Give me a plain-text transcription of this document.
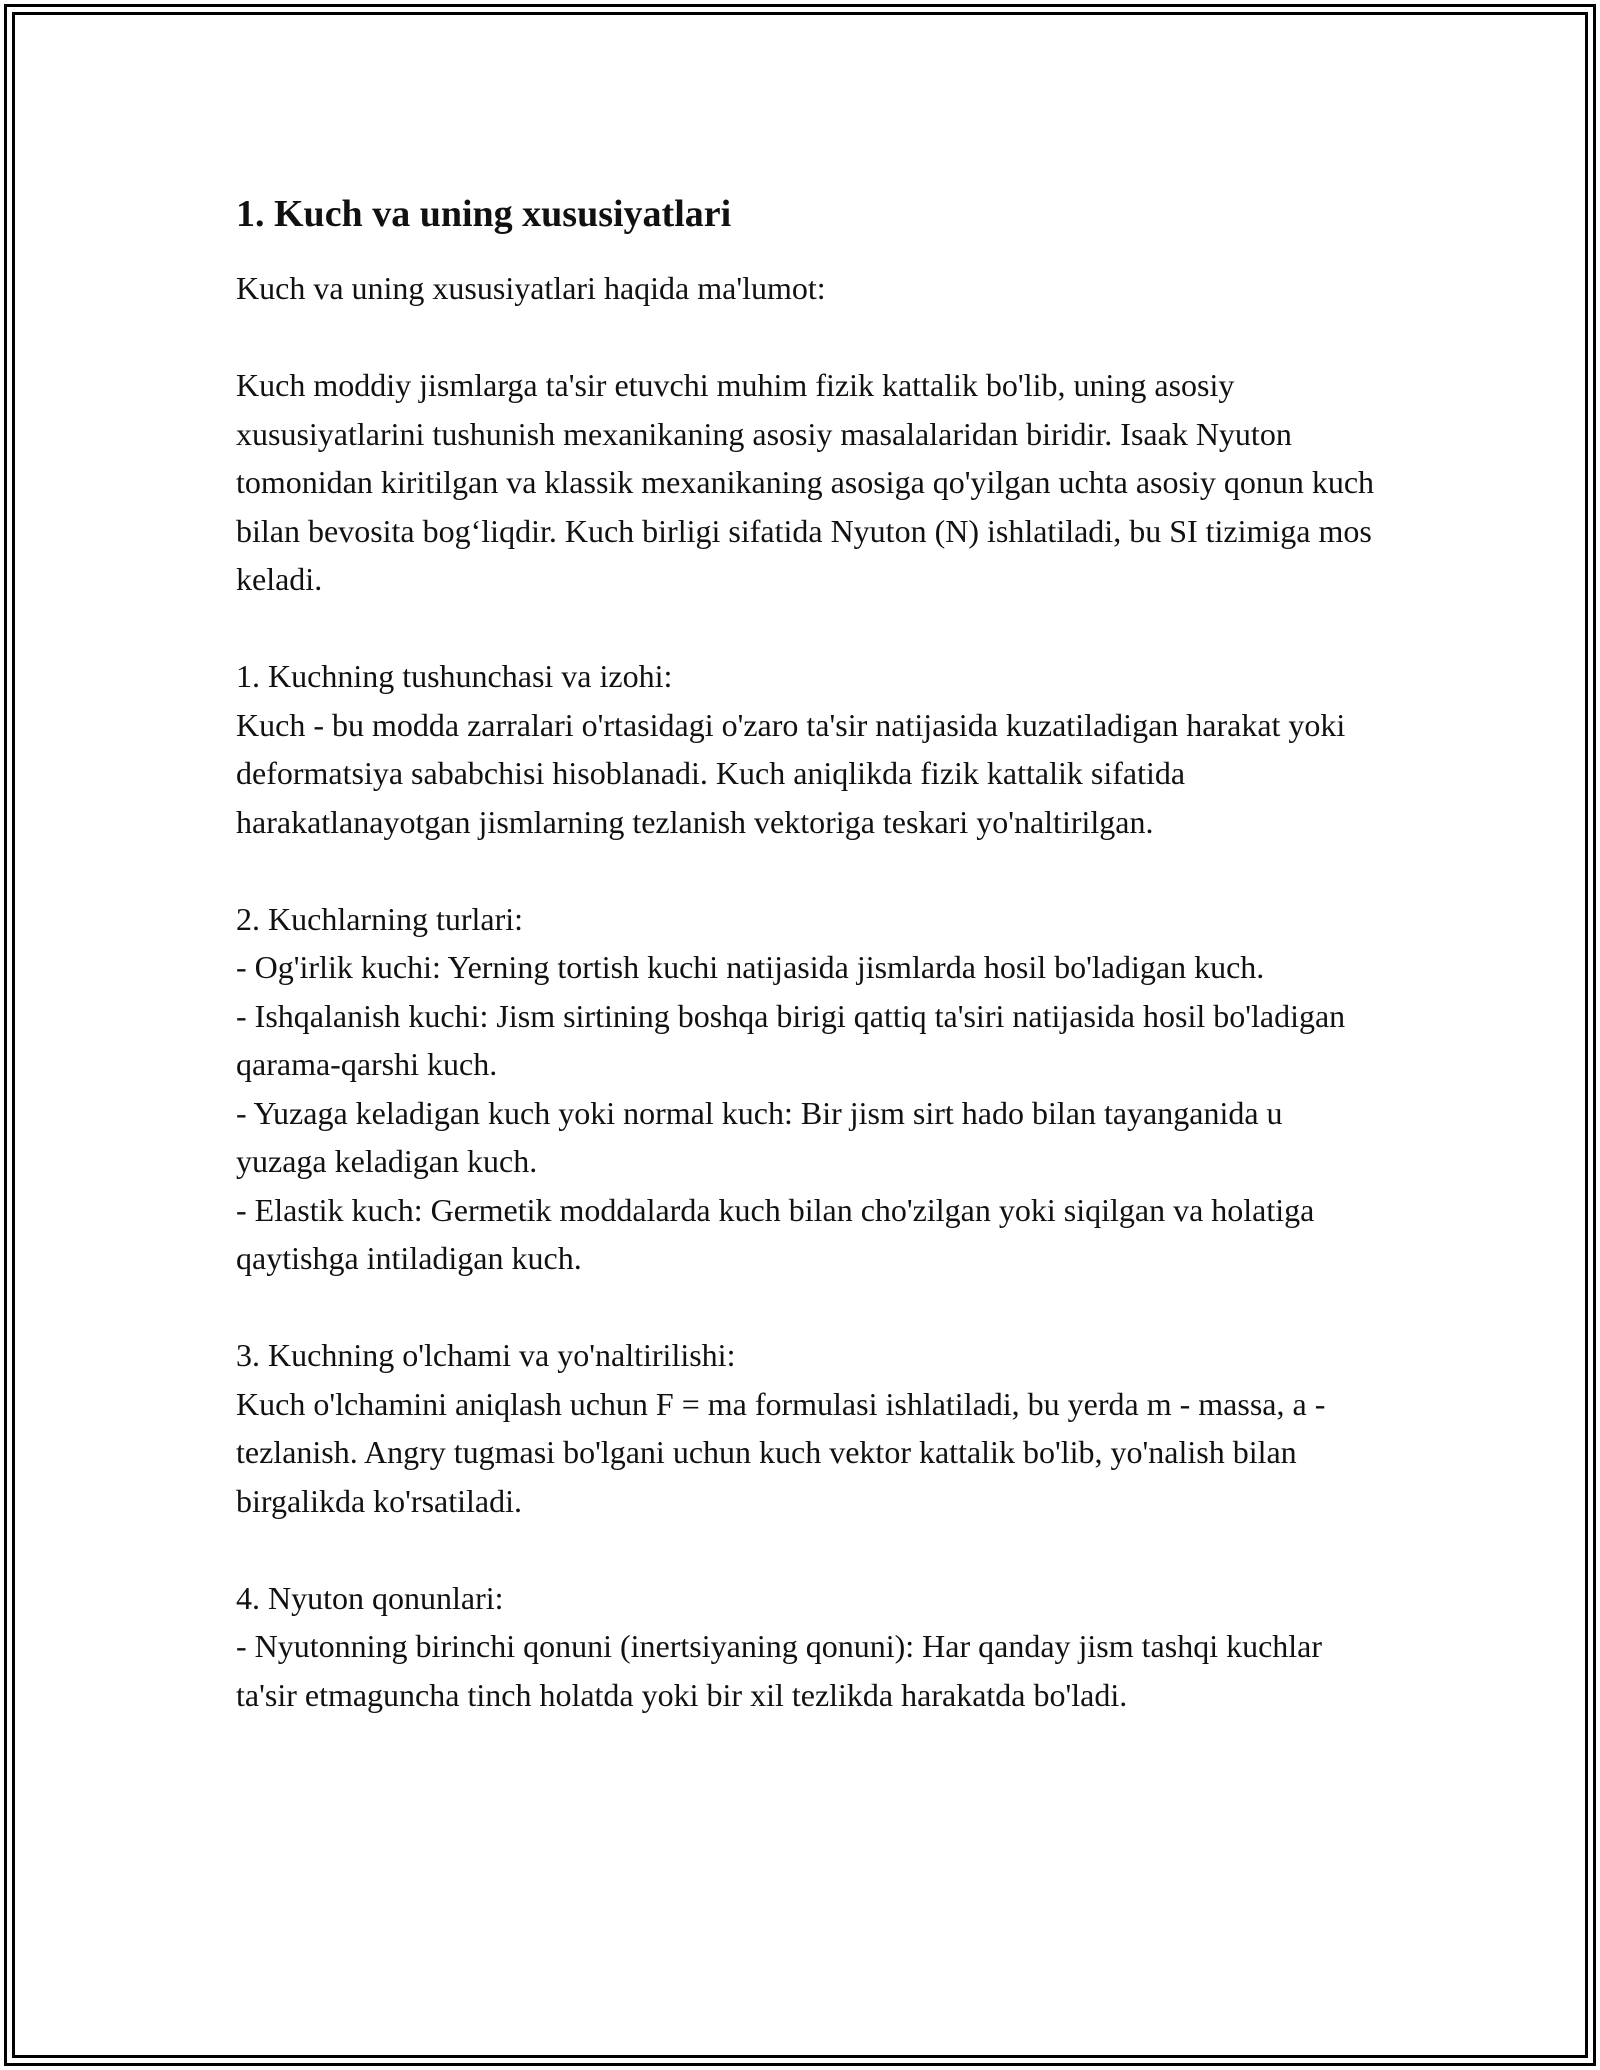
1. Kuch va uning xususiyatlari

Kuch va uning xususiyatlari haqida ma'lumot:

Kuch moddiy jismlarga ta'sir etuvchi muhim fizik kattalik bo'lib, uning asosiy xususiyatlarini tushunish mexanikaning asosiy masalalaridan biridir. Isaak Nyuton tomonidan kiritilgan va klassik mexanikaning asosiga qo'yilgan uchta asosiy qonun kuch bilan bevosita bog‘liqdir. Kuch birligi sifatida Nyuton (N) ishlatiladi, bu SI tizimiga mos keladi.

1. Kuchning tushunchasi va izohi:
Kuch - bu modda zarralari o'rtasidagi o'zaro ta'sir natijasida kuzatiladigan harakat yoki deformatsiya sababchisi hisoblanadi. Kuch aniqlikda fizik kattalik sifatida harakatlanayotgan jismlarning tezlanish vektoriga teskari yo'naltirilgan.
2. Kuchlarning turlari:
- Og'irlik kuchi: Yerning tortish kuchi natijasida jismlarda hosil bo'ladigan kuch.
- Ishqalanish kuchi: Jism sirtining boshqa birigi qattiq ta'siri natijasida hosil bo'ladigan qarama-qarshi kuch.
- Yuzaga keladigan kuch yoki normal kuch: Bir jism sirt hado bilan tayanganida u yuzaga keladigan kuch.
- Elastik kuch: Germetik moddalarda kuch bilan cho'zilgan yoki siqilgan va holatiga qaytishga intiladigan kuch.
3. Kuchning o'lchami va yo'naltirilishi:
Kuch o'lchamini aniqlash uchun F = ma formulasi ishlatiladi, bu yerda m - massa, a - tezlanish. Angry tugmasi bo'lgani uchun kuch vektor kattalik bo'lib, yo'nalish bilan birgalikda ko'rsatiladi.
4. Nyuton qonunlari:
- Nyutonning birinchi qonuni (inertsiyaning qonuni): Har qanday jism tashqi kuchlar ta'sir etmaguncha tinch holatda yoki bir xil tezlikda harakatda bo'ladi.
